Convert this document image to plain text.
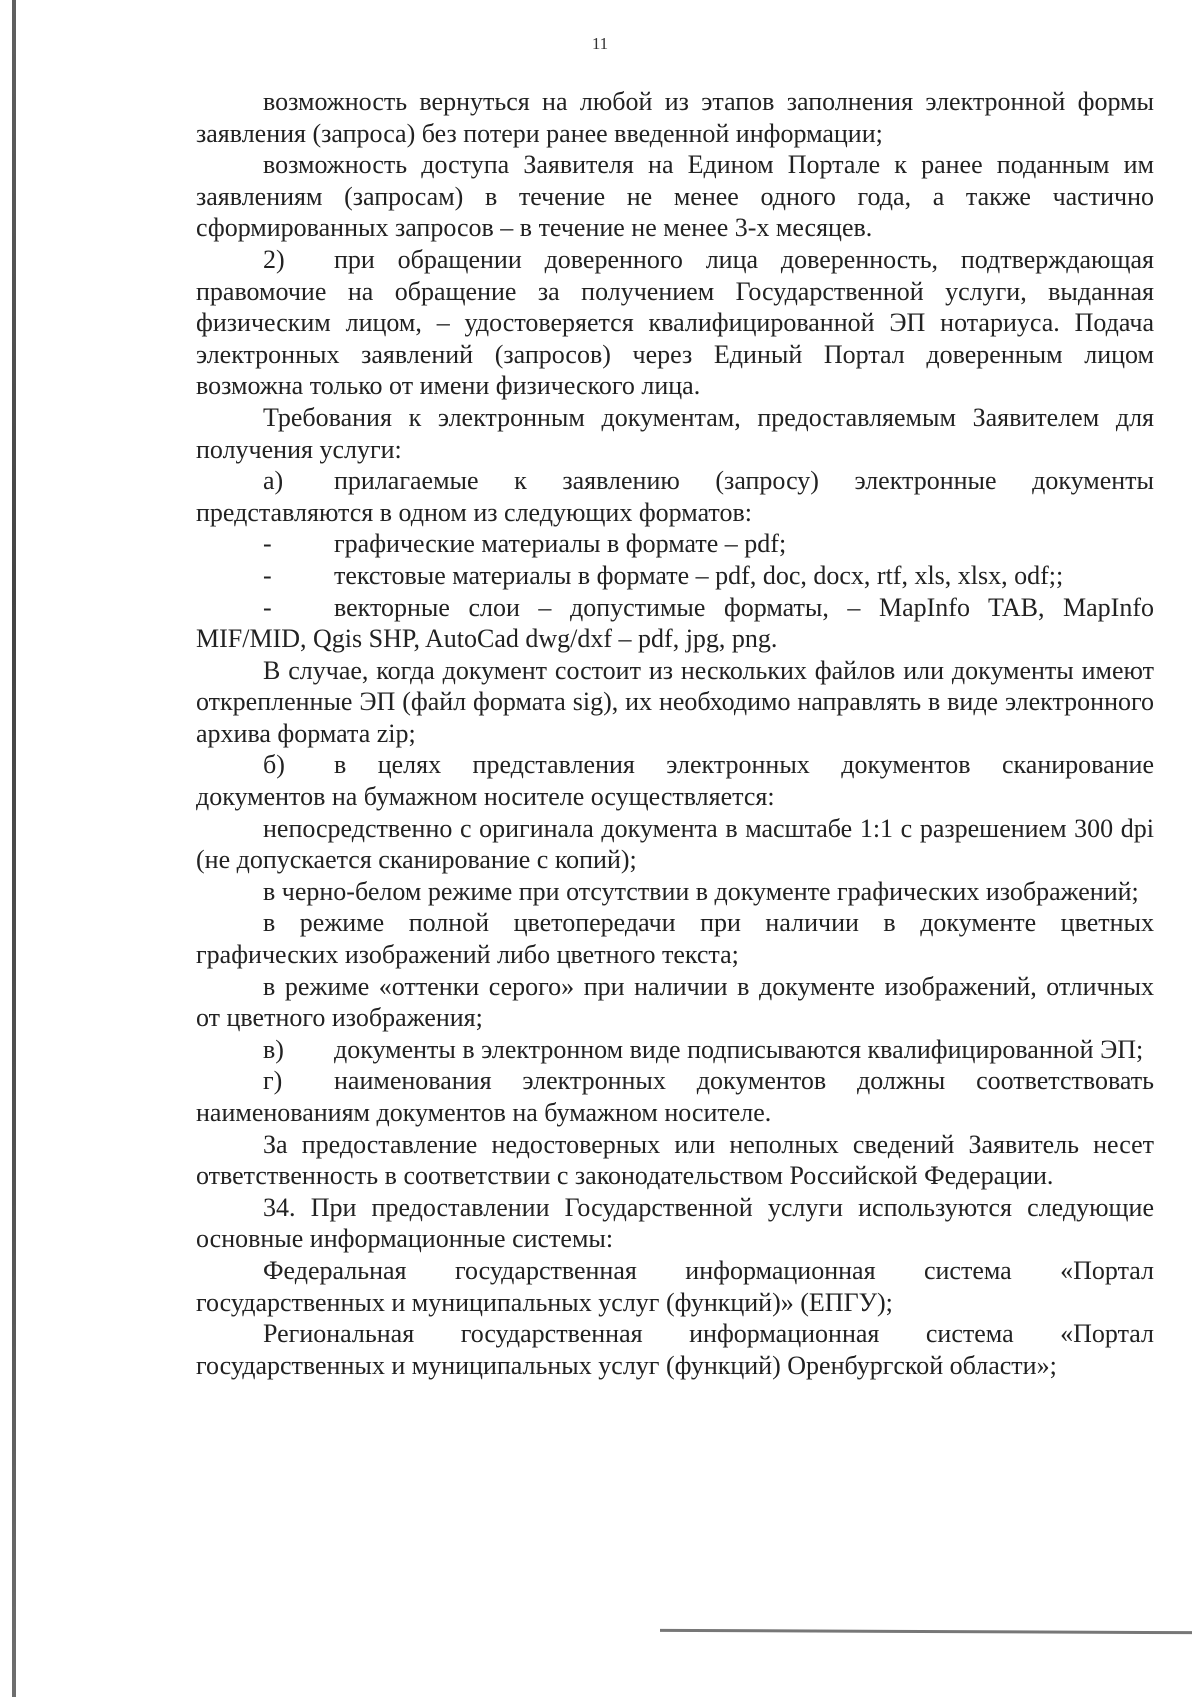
11

возможность вернуться на любой из этапов заполнения электронной формы заявления (запроса) без потери ранее введенной информации;

возможность доступа Заявителя на Едином Портале к ранее поданным им заявлениям (запросам) в течение не менее одного года, а также частично сформированных запросов – в течение не менее 3-х месяцев.

2) при обращении доверенного лица доверенность, подтверждающая правомочие на обращение за получением Государственной услуги, выданная физическим лицом, – удостоверяется квалифицированной ЭП нотариуса. Подача электронных заявлений (запросов) через Единый Портал доверенным лицом возможна только от имени физического лица.

Требования к электронным документам, предоставляемым Заявителем для получения услуги:

а) прилагаемые к заявлению (запросу) электронные документы представляются в одном из следующих форматов:

- графические материалы в формате – pdf;

- текстовые материалы в формате – pdf, doc, docx, rtf, xls, xlsx, odf;;

- векторные слои – допустимые форматы, – MapInfo TAB, MapInfo MIF/MID, Qgis SHP, AutoCad dwg/dxf – pdf, jpg, png.

В случае, когда документ состоит из нескольких файлов или документы имеют открепленные ЭП (файл формата sig), их необходимо направлять в виде электронного архива формата zip;

б) в целях представления электронных документов сканирование документов на бумажном носителе осуществляется:

непосредственно с оригинала документа в масштабе 1:1 с разрешением 300 dpi (не допускается сканирование с копий);

в черно-белом режиме при отсутствии в документе графических изображений;

в режиме полной цветопередачи при наличии в документе цветных графических изображений либо цветного текста;

в режиме «оттенки серого» при наличии в документе изображений, отличных от цветного изображения;

в) документы в электронном виде подписываются квалифицированной ЭП;

г) наименования электронных документов должны соответствовать наименованиям документов на бумажном носителе.

За предоставление недостоверных или неполных сведений Заявитель несет ответственность в соответствии с законодательством Российской Федерации.

34. При предоставлении Государственной услуги используются следующие основные информационные системы:

Федеральная государственная информационная система «Портал государственных и муниципальных услуг (функций)» (ЕПГУ);

Региональная государственная информационная система «Портал государственных и муниципальных услуг (функций) Оренбургской области»;
